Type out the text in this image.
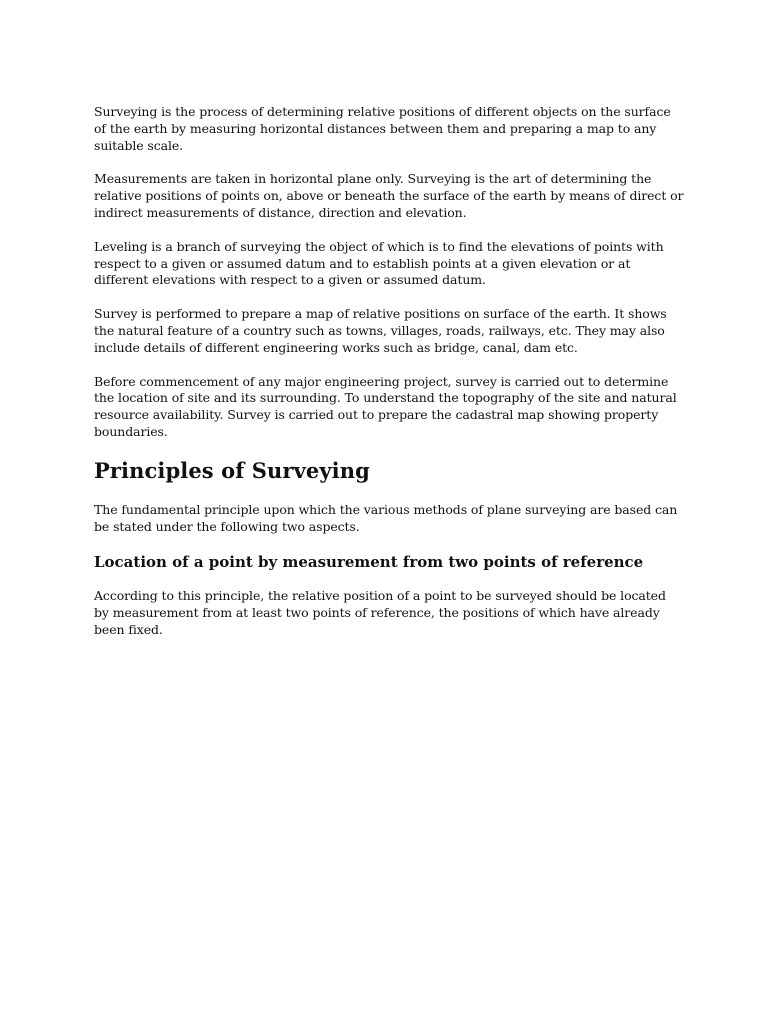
Surveying is the process of determining relative positions of different objects on the surface of the earth by measuring horizontal distances between them and preparing a map to any suitable scale.

Measurements are taken in horizontal plane only. Surveying is the art of determining the relative positions of points on, above or beneath the surface of the earth by means of direct or indirect measurements of distance, direction and elevation.

Leveling is a branch of surveying the object of which is to find the elevations of points with respect to a given or assumed datum and to establish points at a given elevation or at different elevations with respect to a given or assumed datum.

Survey is performed to prepare a map of relative positions on surface of the earth. It shows the natural feature of a country such as towns, villages, roads, railways, etc. They may also include details of different engineering works such as bridge, canal, dam etc.

Before commencement of any major engineering project, survey is carried out to determine the location of site and its surrounding. To understand the topography of the site and natural resource availability. Survey is carried out to prepare the cadastral map showing property boundaries.

Principles of Surveying

The fundamental principle upon which the various methods of plane surveying are based can be stated under the following two aspects.

Location of a point by measurement from two points of reference

According to this principle, the relative position of a point to be surveyed should be located by measurement from at least two points of reference, the positions of which have already been fixed.
